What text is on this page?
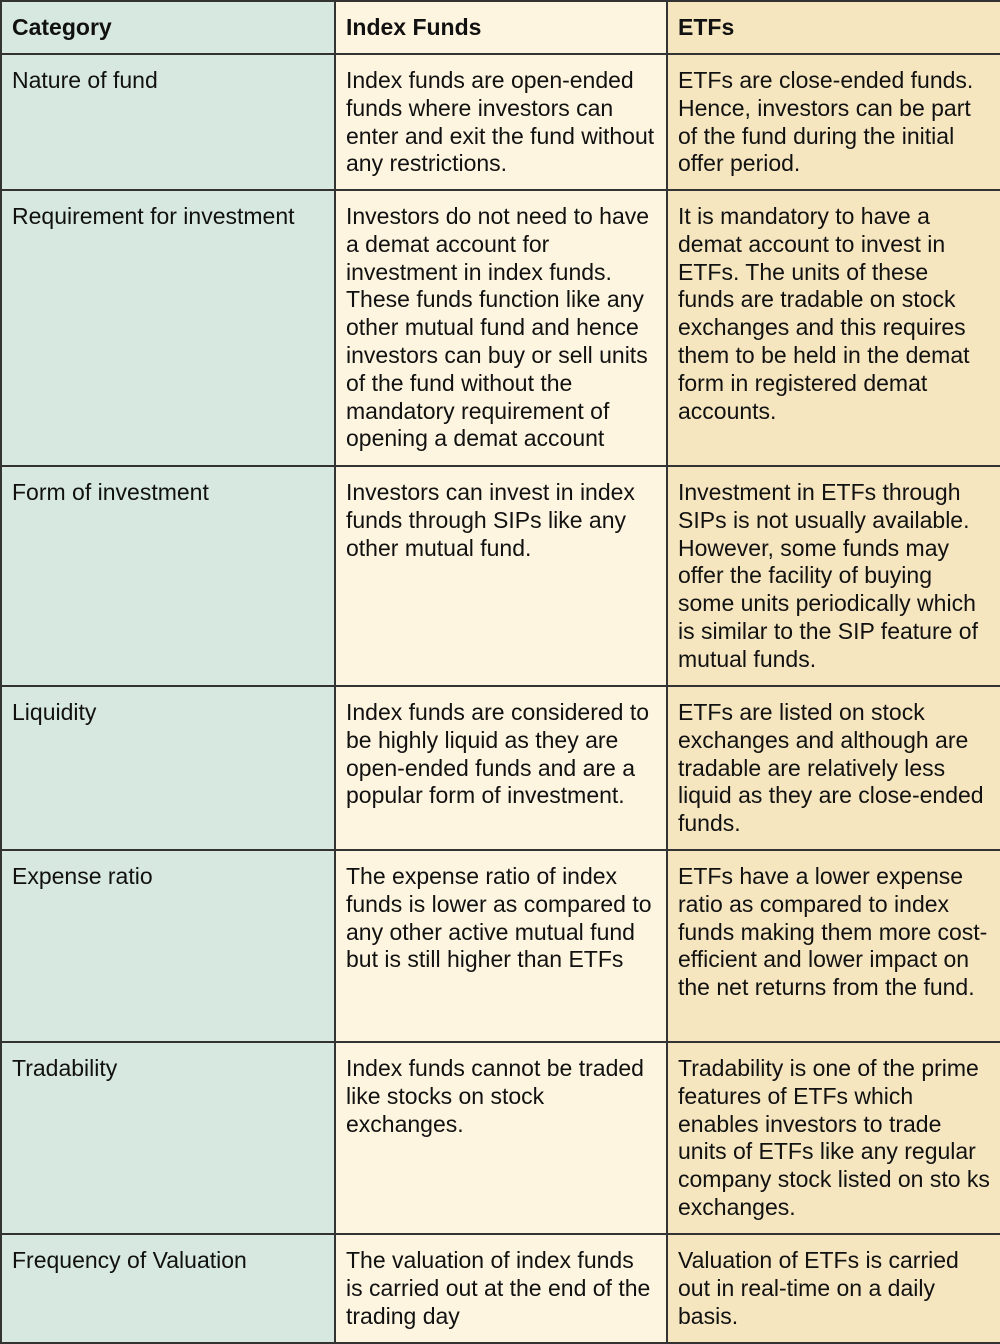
Category	Index Funds	ETFs
Nature of fund	Index funds are open-ended funds where investors can enter and exit the fund without any restrictions.	ETFs are close-ended funds. Hence, investors can be part of the fund during the initial offer period.
Requirement for investment	Investors do not need to have a demat account for investment in index funds. These funds function like any other mutual fund and hence investors can buy or sell units of the fund without the mandatory requirement of opening a demat account	It is mandatory to have a demat account to invest in ETFs. The units of these funds are tradable on stock exchanges and this requires them to be held in the demat form in registered demat accounts.
Form of investment	Investors can invest in index funds through SIPs like any other mutual fund.	Investment in ETFs through SIPs is not usually available. However, some funds may offer the facility of buying some units periodically which is similar to the SIP feature of mutual funds.
Liquidity	Index funds are considered to be highly liquid as they are open-ended funds and are a popular form of investment.	ETFs are listed on stock exchanges and although are tradable are relatively less liquid as they are close-ended funds.
Expense ratio	The expense ratio of index funds is lower as compared to any other active mutual fund but is still higher than ETFs	ETFs have a lower expense ratio as compared to index funds making them more cost-efficient and lower impact on the net returns from the fund.
Tradability	Index funds cannot be traded like stocks on stock exchanges.	Tradability is one of the prime features of ETFs which enables investors to trade units of ETFs like any regular company stock listed on sto ks exchanges.
Frequency of Valuation	The valuation of index funds is carried out at the end of the trading day	Valuation of ETFs is carried out in real-time on a daily basis.
